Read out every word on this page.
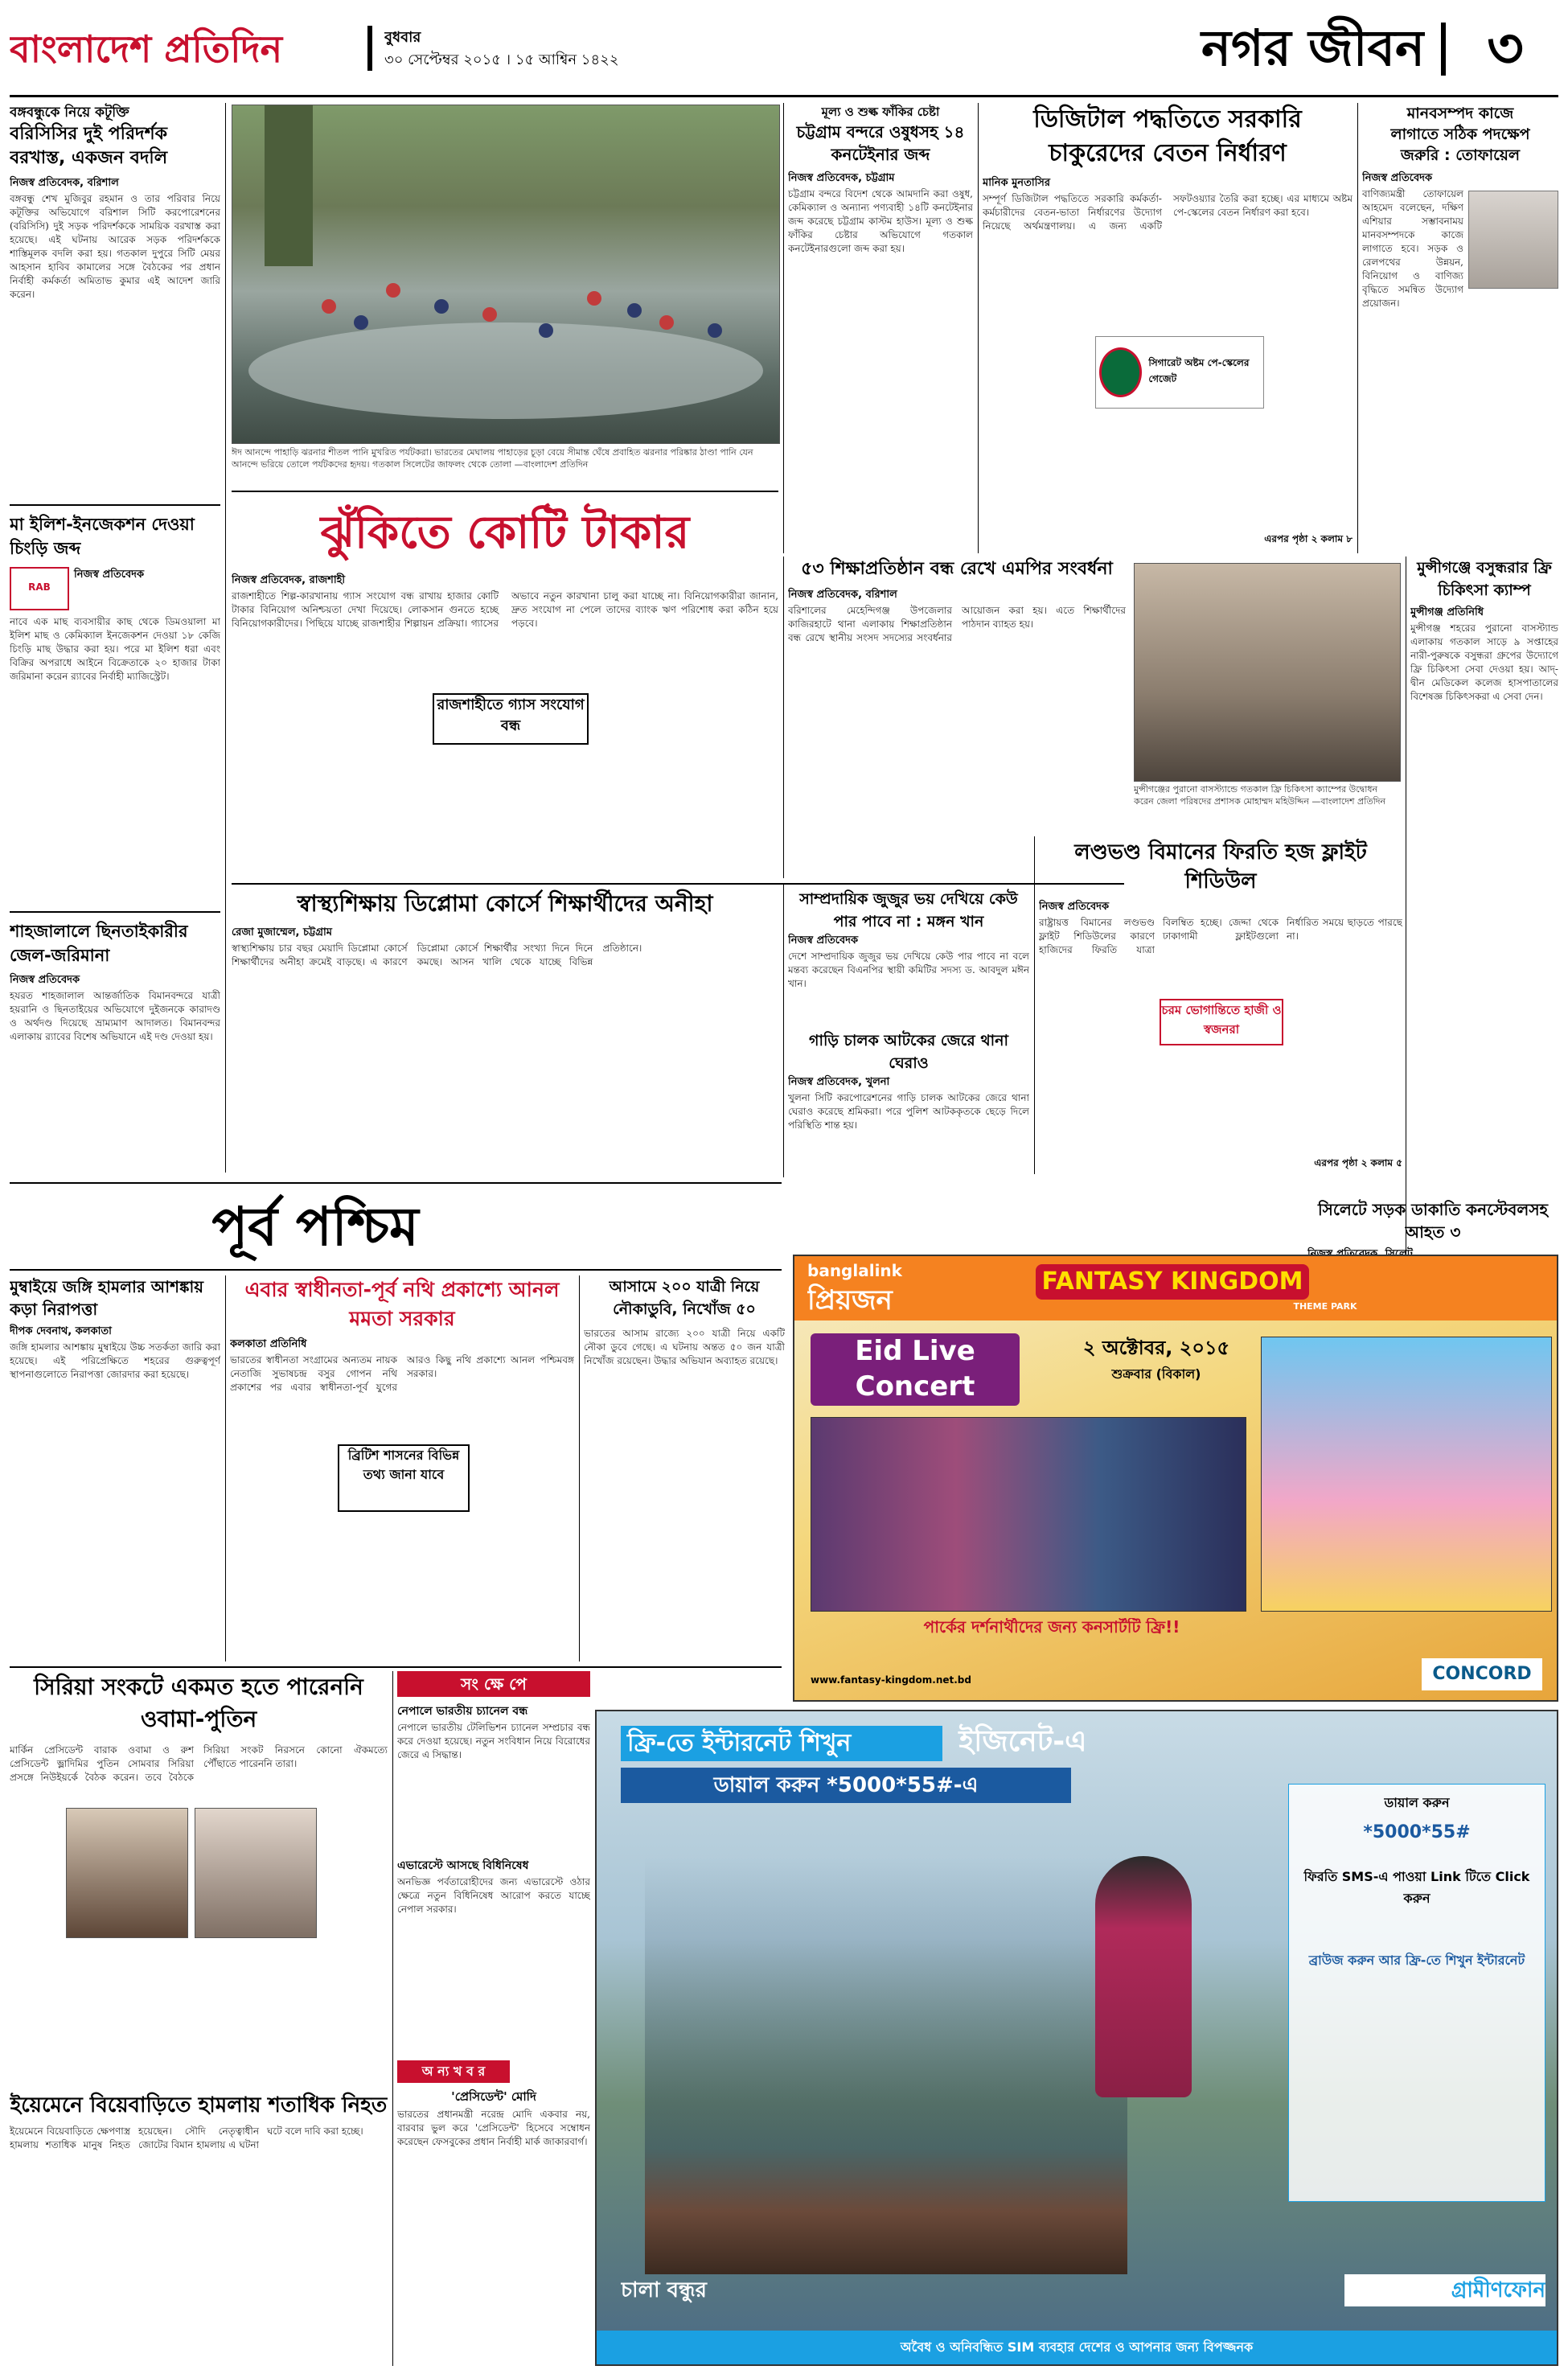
বাংলাদেশ প্রতিদিন	বুধবার
৩০ সেপ্টেম্বর ২০১৫ । ১৫ আশ্বিন ১৪২২	নগর জীবন	৩
বঙ্গবন্ধুকে নিয়ে কটূক্তি
বরিসিসির দুই পরিদর্শক বরখাস্ত, একজন বদলি
নিজস্ব প্রতিবেদক, বরিশাল
বঙ্গবন্ধু শেখ মুজিবুর রহমান ও তার পরিবার নিয়ে কটূক্তির অভিযোগে বরিশাল সিটি করপোরেশনের (বরিসিসি) দুই সড়ক পরিদর্শককে সাময়িক বরখাস্ত করা হয়েছে। এই ঘটনায় আরেক সড়ক পরিদর্শককে শাস্তিমূলক বদলি করা হয়। গতকাল দুপুরে সিটি মেয়র আহসান হাবিব কামালের সঙ্গে বৈঠকের পর প্রধান নির্বাহী কর্মকর্তা অমিতাভ কুমার এই আদেশ জারি করেন।
মা ইলিশ-ইনজেকশন দেওয়া চিংড়ি জব্দ
RAB
নিজস্ব প্রতিবেদক
নাবে এক মাছ ব্যবসায়ীর কাছ থেকে ডিমওয়ালা মা ইলিশ মাছ ও কেমিক্যাল ইনজেকশন দেওয়া ১৮ কেজি চিংড়ি মাছ উদ্ধার করা হয়। পরে মা ইলিশ ধরা এবং বিক্রির অপরাধে আইনে বিক্রেতাকে ২০ হাজার টাকা জরিমানা করেন র‌্যাবের নির্বাহী ম্যাজিস্ট্রেট।
শাহজালালে ছিনতাইকারীর জেল-জরিমানা
নিজস্ব প্রতিবেদক
হযরত শাহজালাল আন্তর্জাতিক বিমানবন্দরে যাত্রী হয়রানি ও ছিনতাইয়ের অভিযোগে দুইজনকে কারাদণ্ড ও অর্থদণ্ড দিয়েছে ভ্রাম্যমাণ আদালত। বিমানবন্দর এলাকায় র‌্যাবের বিশেষ অভিযানে এই দণ্ড দেওয়া হয়।
ঈদ আনন্দে পাহাড়ি ঝরনার শীতল পানি মুখরিত পর্যটকরা। ভারতের মেঘালয় পাহাড়ের চূড়া বেয়ে সীমান্ত ঘেঁষে প্রবাহিত ঝরনার পরিষ্কার ঠাণ্ডা পানি যেন আনন্দে ভরিয়ে তোলে পর্যটকদের হৃদয়। গতকাল সিলেটের জাফলং থেকে তোলা —বাংলাদেশ প্রতিদিন
মূল্য ও শুল্ক ফাঁকির চেষ্টা
চট্টগ্রাম বন্দরে ওষুধসহ ১৪ কনটেইনার জব্দ
নিজস্ব প্রতিবেদক, চট্টগ্রাম
চট্টগ্রাম বন্দরে বিদেশ থেকে আমদানি করা ওষুধ, কেমিক্যাল ও অন্যান্য পণ্যবাহী ১৪টি কনটেইনার জব্দ করেছে চট্টগ্রাম কাস্টম হাউস। মূল্য ও শুল্ক ফাঁকির চেষ্টার অভিযোগে গতকাল কনটেইনারগুলো জব্দ করা হয়।
ডিজিটাল পদ্ধতিতে সরকারি চাকুরেদের বেতন নির্ধারণ
মানিক মুনতাসির
সম্পূর্ণ ডিজিটাল পদ্ধতিতে সরকারি কর্মকর্তা-কর্মচারীদের বেতন-ভাতা নির্ধারণের উদ্যোগ নিয়েছে অর্থমন্ত্রণালয়। এ জন্য একটি সফটওয়্যার তৈরি করা হচ্ছে। এর মাধ্যমে অষ্টম পে-স্কেলের বেতন নির্ধারণ করা হবে।
সিগারেট অষ্টম পে-স্কেলের গেজেট
এরপর পৃষ্ঠা ২ কলাম ৮
মানবসম্পদ কাজে
লাগাতে সঠিক পদক্ষেপ
জরুরি : তোফায়েল
নিজস্ব প্রতিবেদক
বাণিজ্যমন্ত্রী তোফায়েল আহমেদ বলেছেন, দক্ষিণ এশিয়ার সম্ভাবনাময় মানবসম্পদকে কাজে লাগাতে হবে। সড়ক ও রেলপথের উন্নয়ন, বিনিয়োগ ও বাণিজ্য বৃদ্ধিতে সমন্বিত উদ্যোগ প্রয়োজন।
ঝুঁকিতে কোটি টাকার
নিজস্ব প্রতিবেদক, রাজশাহী
রাজশাহীতে শিল্প-কারখানায় গ্যাস সংযোগ বন্ধ রাখায় হাজার কোটি টাকার বিনিয়োগ অনিশ্চয়তা দেখা দিয়েছে। লোকসান গুনতে হচ্ছে বিনিয়োগকারীদের। পিছিয়ে যাচ্ছে রাজশাহীর শিল্পায়ন প্রক্রিয়া। গ্যাসের অভাবে নতুন কারখানা চালু করা যাচ্ছে না। বিনিয়োগকারীরা জানান, দ্রুত সংযোগ না পেলে তাদের ব্যাংক ঋণ পরিশোধ করা কঠিন হয়ে পড়বে।
রাজশাহীতে গ্যাস সংযোগ বন্ধ
৫৩ শিক্ষাপ্রতিষ্ঠান বন্ধ রেখে এমপির সংবর্ধনা
নিজস্ব প্রতিবেদক, বরিশাল
বরিশালের মেহেন্দিগঞ্জ উপজেলার কাজিরহাটে থানা এলাকায় শিক্ষাপ্রতিষ্ঠান বন্ধ রেখে স্থানীয় সংসদ সদস্যের সংবর্ধনার আয়োজন করা হয়। এতে শিক্ষার্থীদের পাঠদান ব্যাহত হয়।
মুন্সীগঞ্জের পুরানো বাসস্ট্যান্ডে গতকাল ফ্রি চিকিৎসা ক্যাম্পের উদ্বোধন করেন জেলা পরিষদের প্রশাসক মোহাম্মদ মহিউদ্দিন —বাংলাদেশ প্রতিদিন
মুন্সীগঞ্জে বসুন্ধরার ফ্রি চিকিৎসা ক্যাম্প
মুন্সীগঞ্জ প্রতিনিধি
মুন্সীগঞ্জ শহরের পুরানো বাসস্ট্যান্ড এলাকায় গতকাল সাড়ে ৯ সপ্তাহের নারী-পুরুষকে বসুন্ধরা গ্রুপের উদ্যোগে ফ্রি চিকিৎসা সেবা দেওয়া হয়। আদ্-দ্বীন মেডিকেল কলেজ হাসপাতালের বিশেষজ্ঞ চিকিৎসকরা এ সেবা দেন।
সিলেটে সড়ক ডাকাতি কনস্টেবলসহ আহত ৩
স্বাস্থ্যশিক্ষায় ডিপ্লোমা কোর্সে শিক্ষার্থীদের অনীহা
রেজা মুজাম্মেল, চট্টগ্রাম
স্বাস্থ্যশিক্ষায় চার বছর মেয়াদি ডিপ্লোমা কোর্সে শিক্ষার্থীদের অনীহা ক্রমেই বাড়ছে। এ কারণে ডিপ্লোমা কোর্সে শিক্ষার্থীর সংখ্যা দিনে দিনে কমছে। আসন খালি থেকে যাচ্ছে বিভিন্ন প্রতিষ্ঠানে।
সাম্প্রদায়িক জুজুর ভয় দেখিয়ে কেউ পার পাবে না : মঙ্গন খান
নিজস্ব প্রতিবেদক
দেশে সাম্প্রদায়িক জুজুর ভয় দেখিয়ে কেউ পার পাবে না বলে মন্তব্য করেছেন বিএনপির স্থায়ী কমিটির সদস্য ড. আবদুল মঈন খান।
গাড়ি চালক আটকের জেরে থানা ঘেরাও
নিজস্ব প্রতিবেদক, খুলনা
খুলনা সিটি করপোরেশনের গাড়ি চালক আটকের জেরে থানা ঘেরাও করেছে শ্রমিকরা। পরে পুলিশ আটককৃতকে ছেড়ে দিলে পরিস্থিতি শান্ত হয়।
লণ্ডভণ্ড বিমানের ফিরতি হজ ফ্লাইট শিডিউল
নিজস্ব প্রতিবেদক
রাষ্ট্রায়ত্ত বিমানের লণ্ডভণ্ড ফ্লাইট শিডিউলের কারণে হাজিদের ফিরতি যাত্রা বিলম্বিত হচ্ছে। জেদ্দা থেকে ঢাকাগামী ফ্লাইটগুলো নির্ধারিত সময়ে ছাড়তে পারছে না।
চরম ভোগান্তিতে হাজী ও স্বজনরা
এরপর পৃষ্ঠা ২ কলাম ৫
পূর্ব পশ্চিম
মুম্বাইয়ে জঙ্গি হামলার আশঙ্কায় কড়া নিরাপত্তা
দীপক দেবনাথ, কলকাতা
জঙ্গি হামলার আশঙ্কায় মুম্বাইয়ে উচ্চ সতর্কতা জারি করা হয়েছে। এই পরিপ্রেক্ষিতে শহরের গুরুত্বপূর্ণ স্থাপনাগুলোতে নিরাপত্তা জোরদার করা হয়েছে।
এবার স্বাধীনতা-পূর্ব নথি প্রকাশ্যে আনল মমতা সরকার
কলকাতা প্রতিনিধি
ভারতের স্বাধীনতা সংগ্রামের অন্যতম নায়ক নেতাজি সুভাষচন্দ্র বসুর গোপন নথি প্রকাশের পর এবার স্বাধীনতা-পূর্ব যুগের আরও কিছু নথি প্রকাশ্যে আনল পশ্চিমবঙ্গ সরকার।
ব্রিটিশ শাসনের বিভিন্ন তথ্য জানা যাবে
আসামে ২০০ যাত্রী নিয়ে নৌকাডুবি, নিখোঁজ ৫০
ভারতের আসাম রাজ্যে ২০০ যাত্রী নিয়ে একটি নৌকা ডুবে গেছে। এ ঘটনায় অন্তত ৫০ জন যাত্রী নিখোঁজ রয়েছেন। উদ্ধার অভিযান অব্যাহত রয়েছে।
banglalink
প্রিয়জন
FANTASY KINGDOM
THEME PARK
Eid Live Concert
২ অক্টোবর, ২০১৫
শুক্রবার (বিকাল)
পার্কের দর্শনার্থীদের জন্য কনসার্টটি ফ্রি!!
www.fantasy-kingdom.net.bd	CONCORD
সিরিয়া সংকটে একমত হতে পারেননি ওবামা-পুতিন
মার্কিন প্রেসিডেন্ট বারাক ওবামা ও রুশ প্রেসিডেন্ট ভ্লাদিমির পুতিন সোমবার সিরিয়া প্রসঙ্গে নিউইয়র্কে বৈঠক করেন। তবে বৈঠকে সিরিয়া সংকট নিরসনে কোনো ঐকমত্যে পৌঁছাতে পারেননি তারা।
ইয়েমেনে বিয়েবাড়িতে হামলায় শতাধিক নিহত
ইয়েমেনে বিয়েবাড়িতে ক্ষেপণাস্ত্র হামলায় শতাধিক মানুষ নিহত হয়েছেন। সৌদি নেতৃত্বাধীন জোটের বিমান হামলায় এ ঘটনা ঘটে বলে দাবি করা হচ্ছে।
সং ক্ষে পে
নেপালে ভারতীয় চ্যানেল বন্ধ
নেপালে ভারতীয় টেলিভিশন চ্যানেল সম্প্রচার বন্ধ করে দেওয়া হয়েছে। নতুন সংবিধান নিয়ে বিরোধের জেরে এ সিদ্ধান্ত।
এভারেস্টে আসছে বিধিনিষেধ
অনভিজ্ঞ পর্বতারোহীদের জন্য এভারেস্টে ওঠার ক্ষেত্রে নতুন বিধিনিষেধ আরোপ করতে যাচ্ছে নেপাল সরকার।
অ ন্য খ ব র
'প্রেসিডেন্ট' মোদি
ভারতের প্রধানমন্ত্রী নরেন্দ্র মোদি একবার নয়, বারবার ভুল করে 'প্রেসিডেন্ট' হিসেবে সম্বোধন করেছেন ফেসবুকের প্রধান নির্বাহী মার্ক জাকারবার্গ।
ফ্রি-তে ইন্টারনেট শিখুন	ইজিনেট-এ
ডায়াল করুন *5000*55#-এ
ডায়াল করুন
*5000*55#
ফিরতি SMS-এ পাওয়া Link টিতে Click করুন
ব্রাউজ করুন আর ফ্রি-তে শিখুন ইন্টারনেট
চালা বন্ধুর	গ্রামীণফোন
অবৈধ ও অনিবন্ধিত SIM ব্যবহার দেশের ও আপনার জন্য বিপজ্জনক
